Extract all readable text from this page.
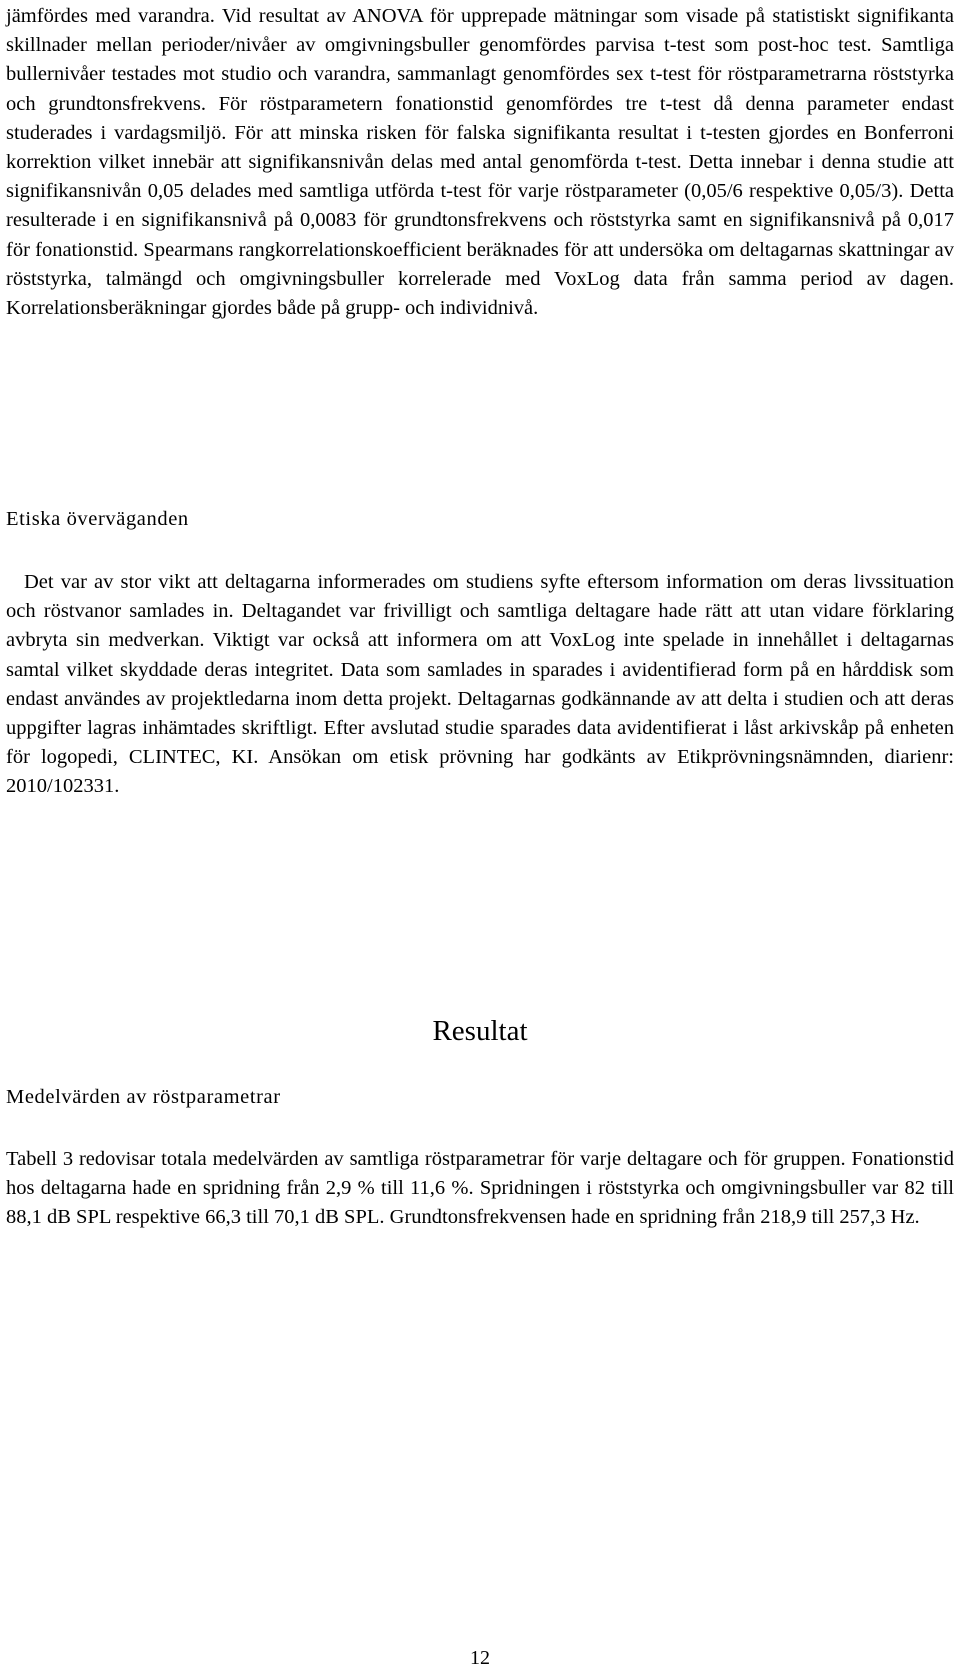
jämfördes med varandra. Vid resultat av ANOVA för upprepade mätningar som visade på statistiskt signifikanta skillnader mellan perioder/nivåer av omgivningsbuller genomfördes parvisa t-test som post-hoc test. Samtliga bullernivåer testades mot studio och varandra, sammanlagt genomfördes sex t-test för röstparametrarna röststyrka och grundtonsfrekvens. För röstparametern fonationstid genomfördes tre t-test då denna parameter endast studerades i vardagsmiljö. För att minska risken för falska signifikanta resultat i t-testen gjordes en Bonferroni korrektion vilket innebär att signifikansnivån delas med antal genomförda t-test. Detta innebar i denna studie att signifikansnivån 0,05 delades med samtliga utförda t-test för varje röstparameter (0,05/6 respektive 0,05/3). Detta resulterade i en signifikansnivå på 0,0083 för grundtonsfrekvens och röststyrka samt en signifikansnivå på 0,017 för fonationstid. Spearmans rangkorrelationskoefficient beräknades för att undersöka om deltagarnas skattningar av röststyrka, talmängd och omgivningsbuller korrelerade med VoxLog data från samma period av dagen. Korrelationsberäkningar gjordes både på grupp- och individnivå.

Etiska överväganden

Det var av stor vikt att deltagarna informerades om studiens syfte eftersom information om deras livssituation och röstvanor samlades in. Deltagandet var frivilligt och samtliga deltagare hade rätt att utan vidare förklaring avbryta sin medverkan. Viktigt var också att informera om att VoxLog inte spelade in innehållet i deltagarnas samtal vilket skyddade deras integritet. Data som samlades in sparades i avidentifierad form på en hårddisk som endast användes av projektledarna inom detta projekt. Deltagarnas godkännande av att delta i studien och att deras uppgifter lagras inhämtades skriftligt. Efter avslutad studie sparades data avidentifierat i låst arkivskåp på enheten för logopedi, CLINTEC, KI. Ansökan om etisk prövning har godkänts av Etikprövningsnämnden, diarienr: 2010/102331.

Resultat
Medelvärden av röstparametrar

Tabell 3 redovisar totala medelvärden av samtliga röstparametrar för varje deltagare och för gruppen. Fonationstid hos deltagarna hade en spridning från 2,9 % till 11,6 %. Spridningen i röststyrka och omgivningsbuller var 82 till 88,1 dB SPL respektive 66,3 till 70,1 dB SPL. Grundtonsfrekvensen hade en spridning från 218,9 till 257,3 Hz.

12
